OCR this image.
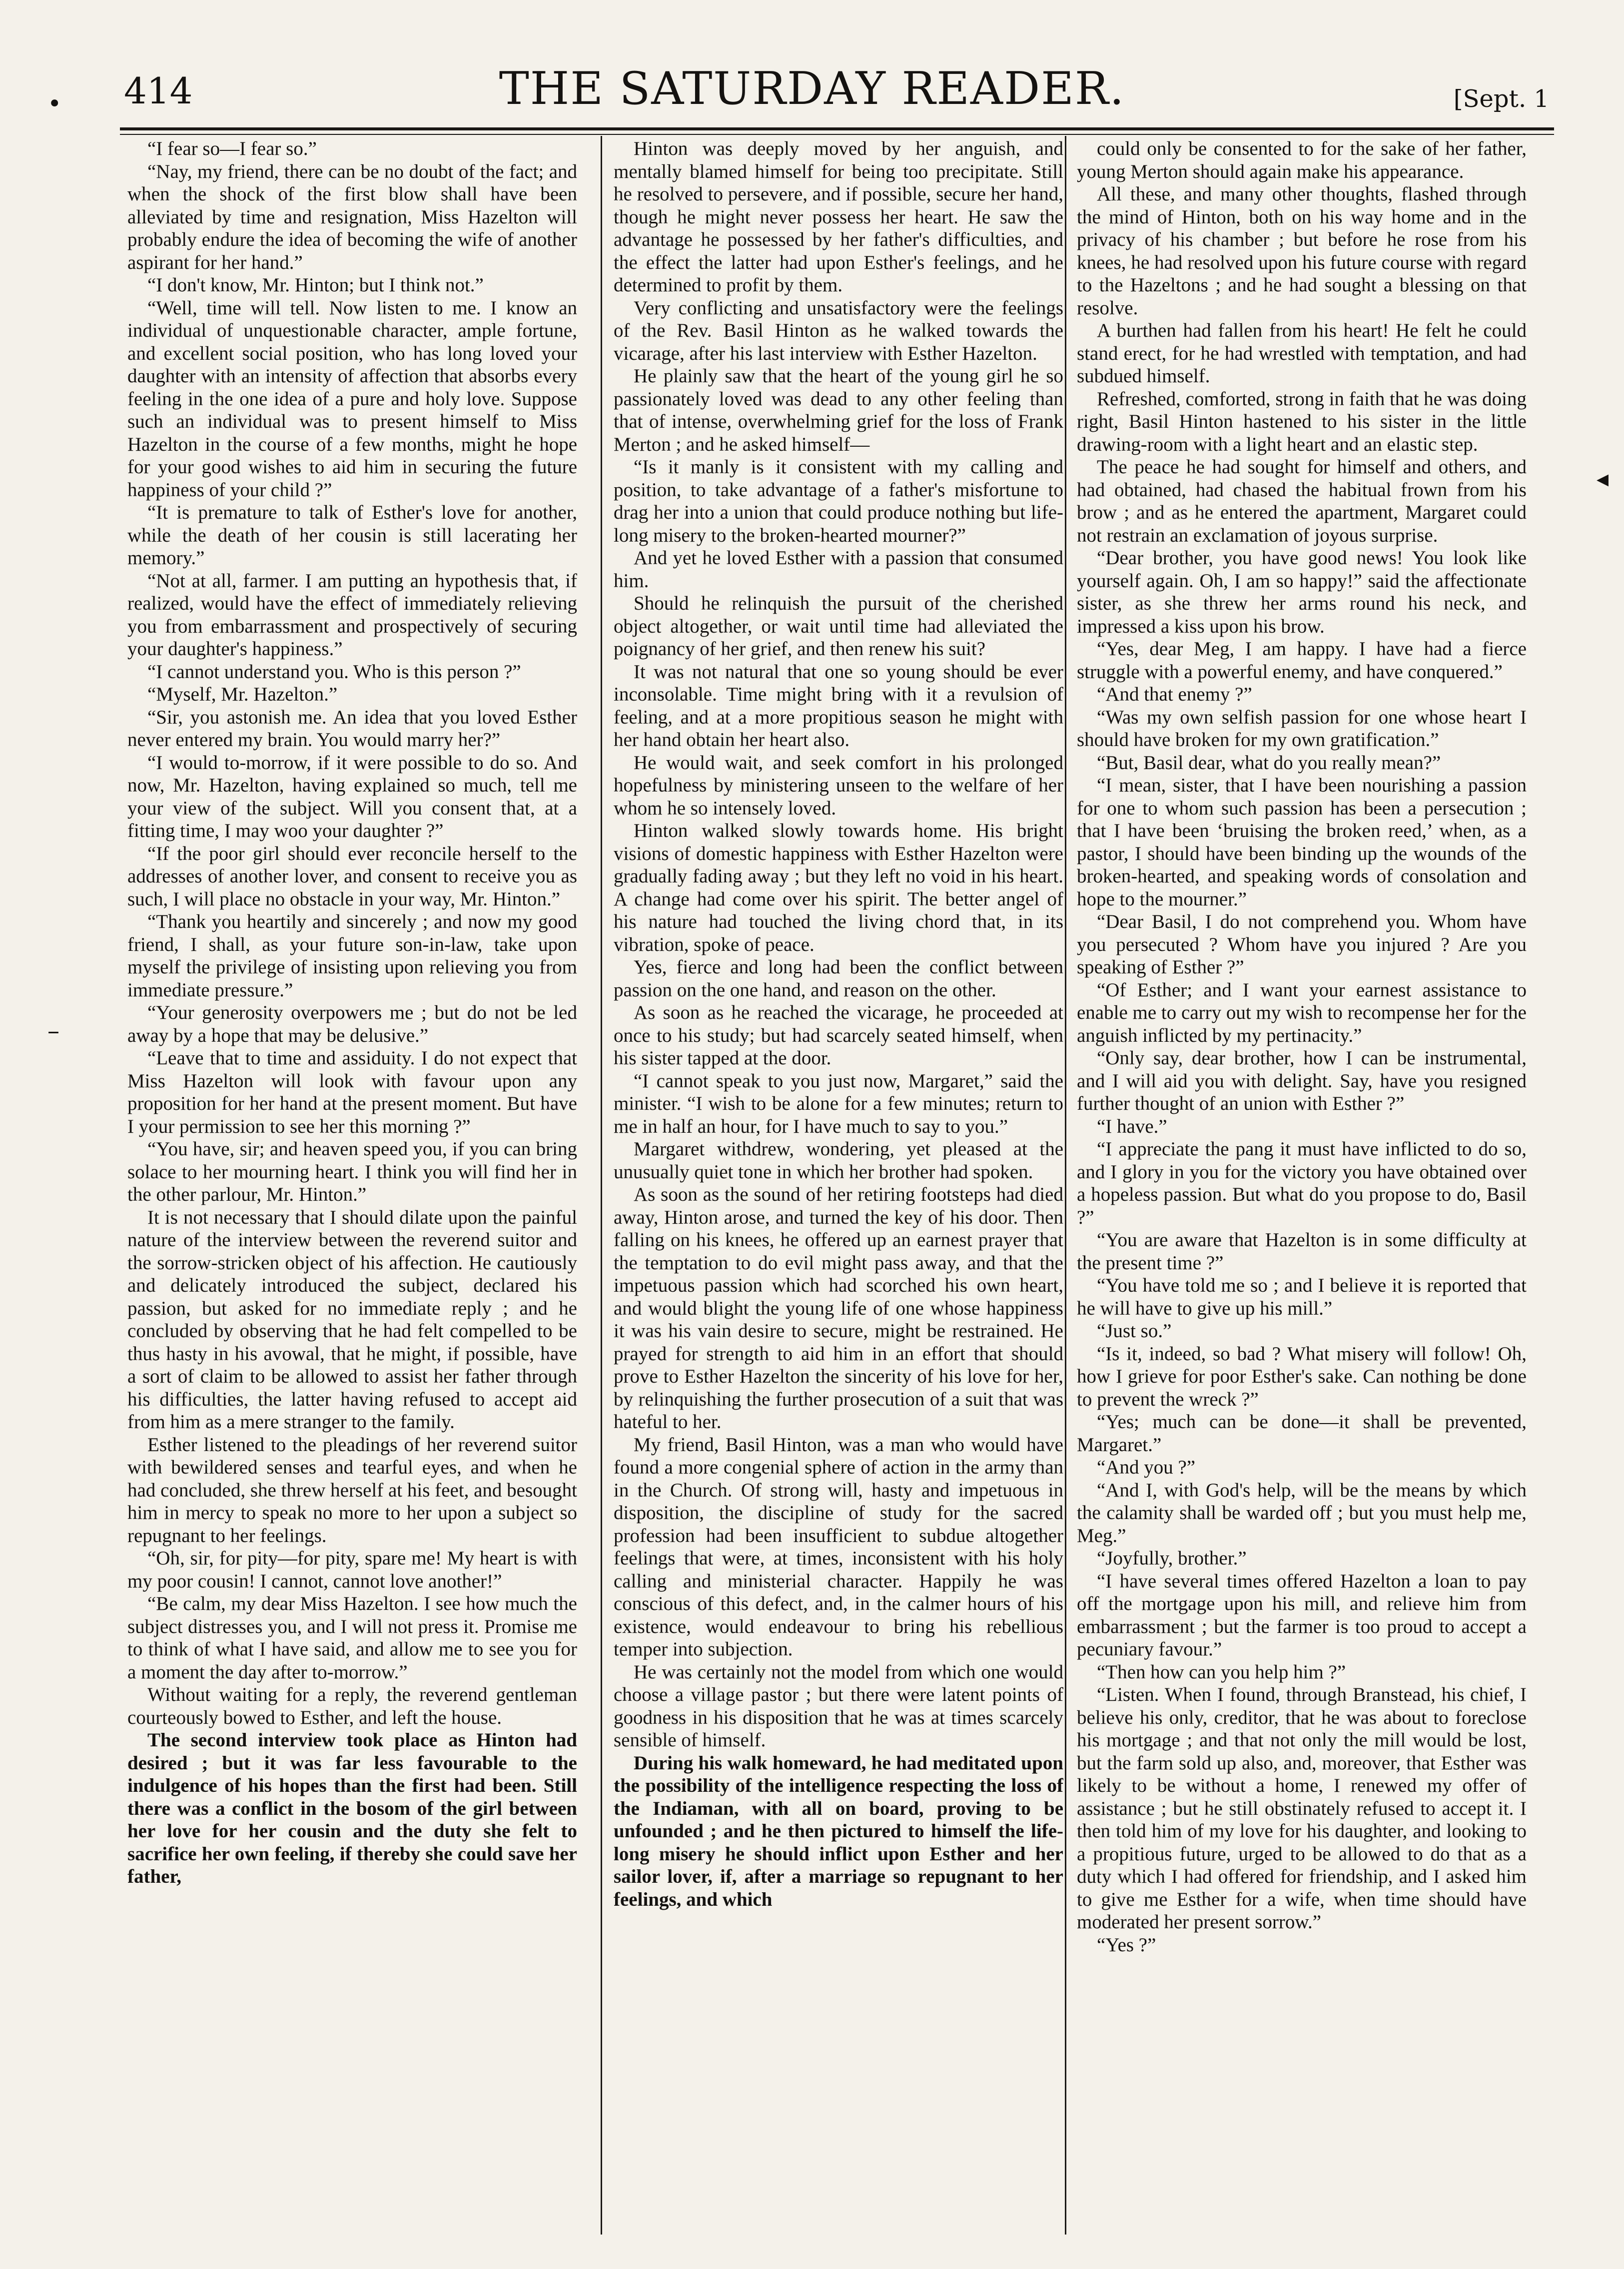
414	THE SATURDAY READER.	[Sept. 1

“I fear so—I fear so.”

“Nay, my friend, there can be no doubt of the fact; and when the shock of the first blow shall have been alleviated by time and resignation, Miss Hazelton will probably endure the idea of becoming the wife of another aspirant for her hand.”

“I don't know, Mr. Hinton; but I think not.”

“Well, time will tell. Now listen to me. I know an individual of unquestionable character, ample fortune, and excellent social position, who has long loved your daughter with an intensity of affection that absorbs every feeling in the one idea of a pure and holy love. Suppose such an individual was to present himself to Miss Hazelton in the course of a few months, might he hope for your good wishes to aid him in securing the future happiness of your child ?”

“It is premature to talk of Esther's love for another, while the death of her cousin is still lacerating her memory.”

“Not at all, farmer. I am putting an hypothesis that, if realized, would have the effect of immediately relieving you from embarrassment and prospectively of securing your daughter's happiness.”

“I cannot understand you. Who is this person ?”

“Myself, Mr. Hazelton.”

“Sir, you astonish me. An idea that you loved Esther never entered my brain. You would marry her?”

“I would to-morrow, if it were possible to do so. And now, Mr. Hazelton, having explained so much, tell me your view of the subject. Will you consent that, at a fitting time, I may woo your daughter ?”

“If the poor girl should ever reconcile herself to the addresses of another lover, and consent to receive you as such, I will place no obstacle in your way, Mr. Hinton.”

“Thank you heartily and sincerely ; and now my good friend, I shall, as your future son-in-law, take upon myself the privilege of insisting upon relieving you from immediate pressure.”

“Your generosity overpowers me ; but do not be led away by a hope that may be delusive.”

“Leave that to time and assiduity. I do not expect that Miss Hazelton will look with favour upon any proposition for her hand at the present moment. But have I your permission to see her this morning ?”

“You have, sir; and heaven speed you, if you can bring solace to her mourning heart. I think you will find her in the other parlour, Mr. Hinton.”

It is not necessary that I should dilate upon the painful nature of the interview between the reverend suitor and the sorrow-stricken object of his affection. He cautiously and delicately introduced the subject, declared his passion, but asked for no immediate reply ; and he concluded by observing that he had felt compelled to be thus hasty in his avowal, that he might, if possible, have a sort of claim to be allowed to assist her father through his difficulties, the latter having refused to accept aid from him as a mere stranger to the family.

Esther listened to the pleadings of her reverend suitor with bewildered senses and tearful eyes, and when he had concluded, she threw herself at his feet, and besought him in mercy to speak no more to her upon a subject so repugnant to her feelings.

“Oh, sir, for pity—for pity, spare me! My heart is with my poor cousin! I cannot, cannot love another!”

“Be calm, my dear Miss Hazelton. I see how much the subject distresses you, and I will not press it. Promise me to think of what I have said, and allow me to see you for a moment the day after to-morrow.”

Without waiting for a reply, the reverend gentleman courteously bowed to Esther, and left the house.

The second interview took place as Hinton had desired ; but it was far less favourable to the indulgence of his hopes than the first had been. Still there was a conflict in the bosom of the girl between her love for her cousin and the duty she felt to sacrifice her own feeling, if thereby she could save her father,

Hinton was deeply moved by her anguish, and mentally blamed himself for being too precipitate. Still he resolved to persevere, and if possible, secure her hand, though he might never possess her heart. He saw the advantage he possessed by her father's difficulties, and the effect the latter had upon Esther's feelings, and he determined to profit by them.

Very conflicting and unsatisfactory were the feelings of the Rev. Basil Hinton as he walked towards the vicarage, after his last interview with Esther Hazelton.

He plainly saw that the heart of the young girl he so passionately loved was dead to any other feeling than that of intense, overwhelming grief for the loss of Frank Merton ; and he asked himself—

“Is it manly is it consistent with my calling and position, to take advantage of a father's misfortune to drag her into a union that could produce nothing but life-long misery to the broken-hearted mourner?”

And yet he loved Esther with a passion that consumed him.

Should he relinquish the pursuit of the cherished object altogether, or wait until time had alleviated the poignancy of her grief, and then renew his suit?

It was not natural that one so young should be ever inconsolable. Time might bring with it a revulsion of feeling, and at a more propitious season he might with her hand obtain her heart also.

He would wait, and seek comfort in his prolonged hopefulness by ministering unseen to the welfare of her whom he so intensely loved.

Hinton walked slowly towards home. His bright visions of domestic happiness with Esther Hazelton were gradually fading away ; but they left no void in his heart. A change had come over his spirit. The better angel of his nature had touched the living chord that, in its vibration, spoke of peace.

Yes, fierce and long had been the conflict between passion on the one hand, and reason on the other.

As soon as he reached the vicarage, he proceeded at once to his study; but had scarcely seated himself, when his sister tapped at the door.

“I cannot speak to you just now, Margaret,” said the minister. “I wish to be alone for a few minutes; return to me in half an hour, for I have much to say to you.”

Margaret withdrew, wondering, yet pleased at the unusually quiet tone in which her brother had spoken.

As soon as the sound of her retiring footsteps had died away, Hinton arose, and turned the key of his door. Then falling on his knees, he offered up an earnest prayer that the temptation to do evil might pass away, and that the impetuous passion which had scorched his own heart, and would blight the young life of one whose happiness it was his vain desire to secure, might be restrained. He prayed for strength to aid him in an effort that should prove to Esther Hazelton the sincerity of his love for her, by relinquishing the further prosecution of a suit that was hateful to her.

My friend, Basil Hinton, was a man who would have found a more congenial sphere of action in the army than in the Church. Of strong will, hasty and impetuous in disposition, the discipline of study for the sacred profession had been insufficient to subdue altogether feelings that were, at times, inconsistent with his holy calling and ministerial character. Happily he was conscious of this defect, and, in the calmer hours of his existence, would endeavour to bring his rebellious temper into subjection.

He was certainly not the model from which one would choose a village pastor ; but there were latent points of goodness in his disposition that he was at times scarcely sensible of himself.

During his walk homeward, he had meditated upon the possibility of the intelligence respecting the loss of the Indiaman, with all on board, proving to be unfounded ; and he then pictured to himself the life-long misery he should inflict upon Esther and her sailor lover, if, after a marriage so repugnant to her feelings, and which

could only be consented to for the sake of her father, young Merton should again make his appearance.

All these, and many other thoughts, flashed through the mind of Hinton, both on his way home and in the privacy of his chamber ; but before he rose from his knees, he had resolved upon his future course with regard to the Hazeltons ; and he had sought a blessing on that resolve.

A burthen had fallen from his heart! He felt he could stand erect, for he had wrestled with temptation, and had subdued himself.

Refreshed, comforted, strong in faith that he was doing right, Basil Hinton hastened to his sister in the little drawing-room with a light heart and an elastic step.

The peace he had sought for himself and others, and had obtained, had chased the habitual frown from his brow ; and as he entered the apartment, Margaret could not restrain an exclamation of joyous surprise.

“Dear brother, you have good news! You look like yourself again. Oh, I am so happy!” said the affectionate sister, as she threw her arms round his neck, and impressed a kiss upon his brow.

“Yes, dear Meg, I am happy. I have had a fierce struggle with a powerful enemy, and have conquered.”

“And that enemy ?”

“Was my own selfish passion for one whose heart I should have broken for my own gratification.”

“But, Basil dear, what do you really mean?”

“I mean, sister, that I have been nourishing a passion for one to whom such passion has been a persecution ; that I have been ‘bruising the broken reed,’ when, as a pastor, I should have been binding up the wounds of the broken-hearted, and speaking words of consolation and hope to the mourner.”

“Dear Basil, I do not comprehend you. Whom have you persecuted ? Whom have you injured ? Are you speaking of Esther ?”

“Of Esther; and I want your earnest assistance to enable me to carry out my wish to recompense her for the anguish inflicted by my pertinacity.”

“Only say, dear brother, how I can be instrumental, and I will aid you with delight. Say, have you resigned further thought of an union with Esther ?”

“I have.”

“I appreciate the pang it must have inflicted to do so, and I glory in you for the victory you have obtained over a hopeless passion. But what do you propose to do, Basil ?”

“You are aware that Hazelton is in some difficulty at the present time ?”

“You have told me so ; and I believe it is reported that he will have to give up his mill.”

“Just so.”

“Is it, indeed, so bad ? What misery will follow! Oh, how I grieve for poor Esther's sake. Can nothing be done to prevent the wreck ?”

“Yes; much can be done—it shall be prevented, Margaret.”

“And you ?”

“And I, with God's help, will be the means by which the calamity shall be warded off ; but you must help me, Meg.”

“Joyfully, brother.”

“I have several times offered Hazelton a loan to pay off the mortgage upon his mill, and relieve him from embarrassment ; but the farmer is too proud to accept a pecuniary favour.”

“Then how can you help him ?”

“Listen. When I found, through Branstead, his chief, I believe his only, creditor, that he was about to foreclose his mortgage ; and that not only the mill would be lost, but the farm sold up also, and, moreover, that Esther was likely to be without a home, I renewed my offer of assistance ; but he still obstinately refused to accept it. I then told him of my love for his daughter, and looking to a propitious future, urged to be allowed to do that as a duty which I had offered for friendship, and I asked him to give me Esther for a wife, when time should have moderated her present sorrow.”

“Yes ?”

•
◂
–
